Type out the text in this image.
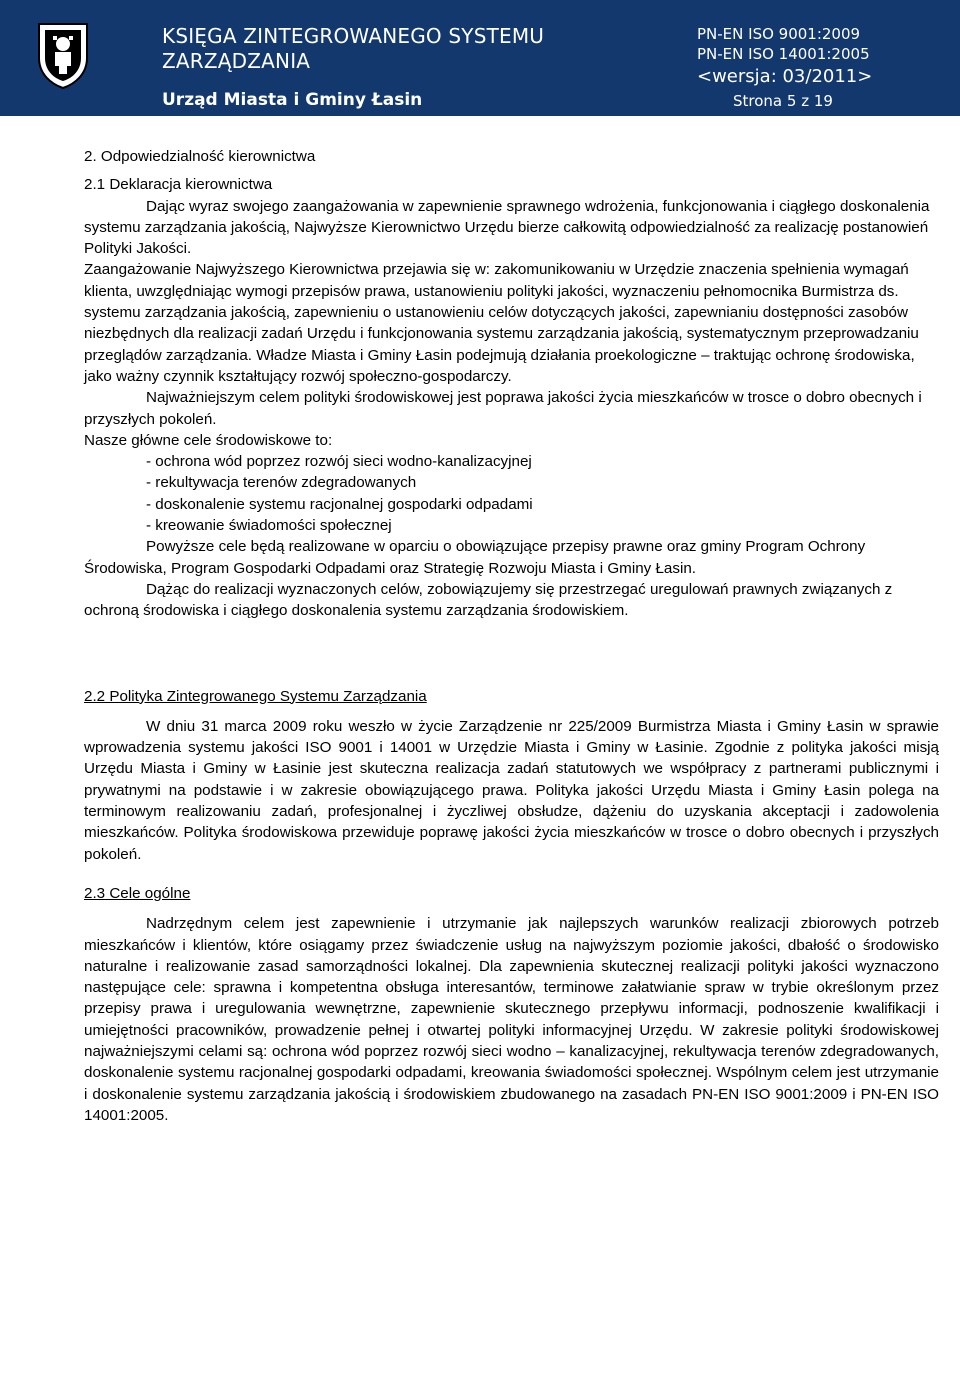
KSIĘGA ZINTEGROWANEGO SYSTEMU ZARZĄDZANIA
Urząd Miasta i Gminy Łasin
PN-EN ISO 9001:2009
PN-EN ISO 14001:2005
<wersja: 03/2011>
Strona 5 z 19

2. Odpowiedzialność kierownictwa

2.1 Deklaracja kierownictwa

Dając wyraz swojego zaangażowania w zapewnienie sprawnego wdrożenia, funkcjonowania i ciągłego doskonalenia systemu zarządzania jakością, Najwyższe Kierownictwo Urzędu bierze całkowitą odpowiedzialność za realizację postanowień Polityki Jakości.

Zaangażowanie Najwyższego Kierownictwa przejawia się w: zakomunikowaniu w Urzędzie znaczenia spełnienia wymagań klienta, uwzględniając wymogi przepisów prawa, ustanowieniu polityki jakości, wyznaczeniu pełnomocnika Burmistrza ds. systemu zarządzania jakością, zapewnieniu o ustanowieniu celów dotyczących jakości, zapewnianiu dostępności zasobów niezbędnych dla realizacji zadań Urzędu i funkcjonowania systemu zarządzania jakością, systematycznym przeprowadzaniu przeglądów zarządzania. Władze Miasta i Gminy Łasin podejmują działania proekologiczne – traktując ochronę środowiska, jako ważny czynnik kształtujący rozwój społeczno-gospodarczy.

Najważniejszym celem polityki środowiskowej jest poprawa jakości życia mieszkańców w trosce o dobro obecnych i przyszłych pokoleń.

Nasze główne cele środowiskowe to:

- ochrona wód poprzez rozwój sieci wodno-kanalizacyjnej

- rekultywacja terenów zdegradowanych

- doskonalenie systemu racjonalnej gospodarki odpadami

- kreowanie świadomości społecznej

Powyższe cele będą realizowane w oparciu o obowiązujące przepisy prawne oraz gminy Program Ochrony Środowiska, Program Gospodarki Odpadami oraz Strategię Rozwoju Miasta i Gminy Łasin.

Dążąc do realizacji wyznaczonych celów, zobowiązujemy się przestrzegać uregulowań prawnych związanych z ochroną środowiska i ciągłego doskonalenia systemu zarządzania środowiskiem.

2.2 Polityka Zintegrowanego Systemu Zarządzania

W dniu 31 marca 2009 roku weszło w życie Zarządzenie nr 225/2009 Burmistrza Miasta i Gminy Łasin w sprawie wprowadzenia systemu jakości ISO 9001 i 14001 w Urzędzie Miasta i Gminy w Łasinie. Zgodnie z polityka jakości misją Urzędu Miasta i Gminy w Łasinie jest skuteczna realizacja zadań statutowych we współpracy z partnerami publicznymi i prywatnymi na podstawie i w zakresie obowiązującego prawa. Polityka jakości Urzędu Miasta i Gminy Łasin polega na terminowym realizowaniu zadań, profesjonalnej i życzliwej obsłudze, dążeniu do uzyskania akceptacji i zadowolenia mieszkańców. Polityka środowiskowa przewiduje poprawę jakości życia mieszkańców w trosce o dobro obecnych i przyszłych pokoleń.

2.3 Cele ogólne

Nadrzędnym celem jest zapewnienie i utrzymanie jak najlepszych warunków realizacji zbiorowych potrzeb mieszkańców i klientów, które osiągamy przez świadczenie usług na najwyższym poziomie jakości, dbałość o środowisko naturalne i realizowanie zasad samorządności lokalnej. Dla zapewnienia skutecznej realizacji polityki jakości wyznaczono następujące cele: sprawna i kompetentna obsługa interesantów, terminowe załatwianie spraw w trybie określonym przez przepisy prawa i uregulowania wewnętrzne, zapewnienie skutecznego przepływu informacji, podnoszenie kwalifikacji i umiejętności pracowników, prowadzenie pełnej i otwartej polityki informacyjnej Urzędu. W zakresie polityki środowiskowej najważniejszymi celami są: ochrona wód poprzez rozwój sieci wodno – kanalizacyjnej, rekultywacja terenów zdegradowanych, doskonalenie systemu racjonalnej gospodarki odpadami, kreowania świadomości społecznej. Wspólnym celem jest utrzymanie i doskonalenie systemu zarządzania jakością i środowiskiem zbudowanego na zasadach PN-EN ISO 9001:2009 i PN-EN ISO 14001:2005.
